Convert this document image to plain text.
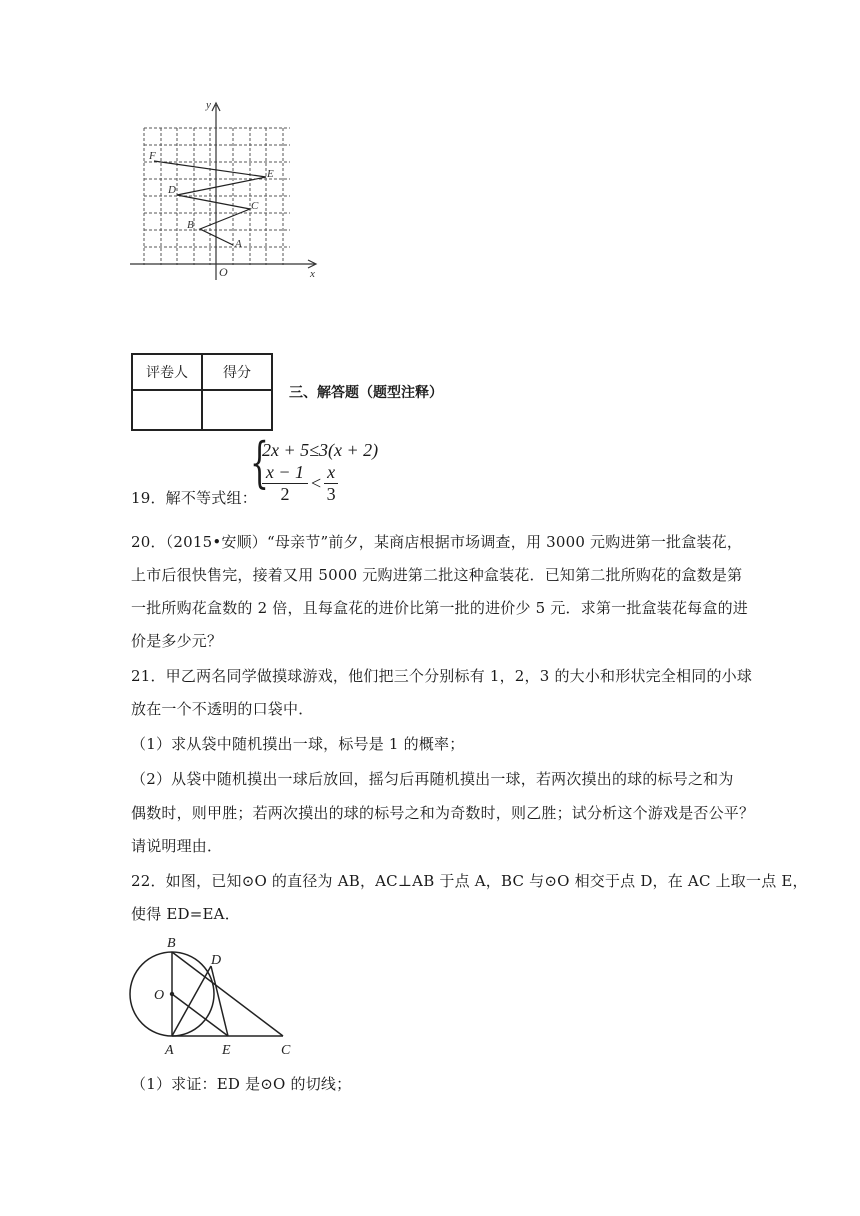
y
x
O
A
B
C
D
E
F
评卷人	得分

三、解答题（题型注释）
{
2x + 5≤3(x + 2)
x − 1
2
<
x
3
19．解不等式组：
20．（2015•安顺）“母亲节”前夕，某商店根据市场调查，用 3000 元购进第一批盒装花，
上市后很快售完，接着又用 5000 元购进第二批这种盒装花．已知第二批所购花的盒数是第
一批所购花盒数的 2 倍，且每盒花的进价比第一批的进价少 5 元．求第一批盒装花每盒的进
价是多少元？
21．甲乙两名同学做摸球游戏，他们把三个分别标有 1，2，3 的大小和形状完全相同的小球
放在一个不透明的口袋中．
（1）求从袋中随机摸出一球，标号是 1 的概率；
（2）从袋中随机摸出一球后放回，摇匀后再随机摸出一球，若两次摸出的球的标号之和为
偶数时，则甲胜；若两次摸出的球的标号之和为奇数时，则乙胜；试分析这个游戏是否公平？
请说明理由．
22．如图，已知⊙O 的直径为 AB，AC⊥AB 于点 A，BC 与⊙O 相交于点 D，在 AC 上取一点 E，
使得 ED=EA．
B
D
O
A	E	C
（1）求证：ED 是⊙O 的切线；
